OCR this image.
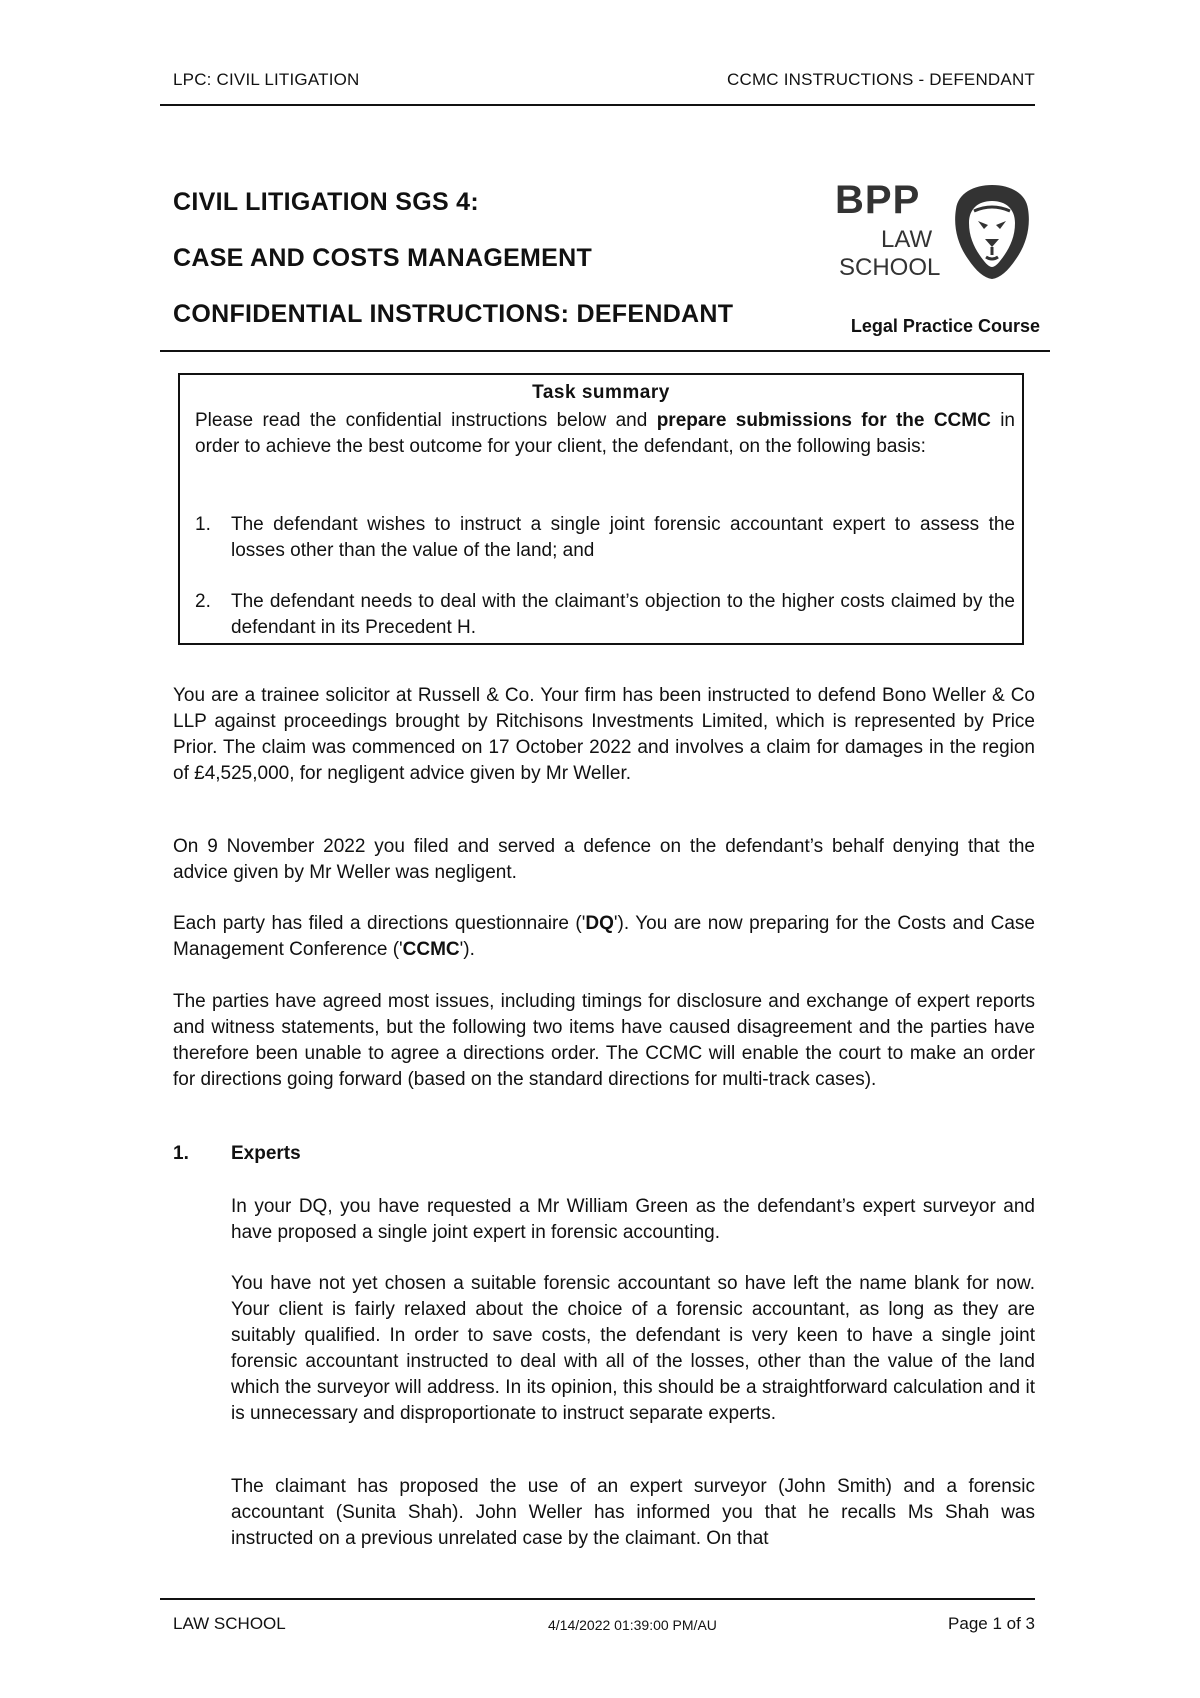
LPC: CIVIL LITIGATION	CCMC INSTRUCTIONS - DEFENDANT
CIVIL LITIGATION SGS 4:
CASE AND COSTS MANAGEMENT
CONFIDENTIAL INSTRUCTIONS: DEFENDANT
BPP
LAW
SCHOOL
Legal Practice Course
Task summary
Please read the confidential instructions below and prepare submissions for the CCMC in order to achieve the best outcome for your client, the defendant, on the following basis:
1. The defendant wishes to instruct a single joint forensic accountant expert to assess the losses other than the value of the land; and
2. The defendant needs to deal with the claimant’s objection to the higher costs claimed by the defendant in its Precedent H.

You are a trainee solicitor at Russell & Co. Your firm has been instructed to defend Bono Weller & Co LLP against proceedings brought by Ritchisons Investments Limited, which is represented by Price Prior. The claim was commenced on 17 October 2022 and involves a claim for damages in the region of £4,525,000, for negligent advice given by Mr Weller.

On 9 November 2022 you filed and served a defence on the defendant’s behalf denying that the advice given by Mr Weller was negligent.

Each party has filed a directions questionnaire ('DQ'). You are now preparing for the Costs and Case Management Conference ('CCMC').

The parties have agreed most issues, including timings for disclosure and exchange of expert reports and witness statements, but the following two items have caused disagreement and the parties have therefore been unable to agree a directions order. The CCMC will enable the court to make an order for directions going forward (based on the standard directions for multi-track cases).

1. Experts

In your DQ, you have requested a Mr William Green as the defendant’s expert surveyor and have proposed a single joint expert in forensic accounting.

You have not yet chosen a suitable forensic accountant so have left the name blank for now. Your client is fairly relaxed about the choice of a forensic accountant, as long as they are suitably qualified. In order to save costs, the defendant is very keen to have a single joint forensic accountant instructed to deal with all of the losses, other than the value of the land which the surveyor will address. In its opinion, this should be a straightforward calculation and it is unnecessary and disproportionate to instruct separate experts.

The claimant has proposed the use of an expert surveyor (John Smith) and a forensic accountant (Sunita Shah). John Weller has informed you that he recalls Ms Shah was instructed on a previous unrelated case by the claimant. On that

LAW SCHOOL	4/14/2022 01:39:00 PM/AU	Page 1 of 3
